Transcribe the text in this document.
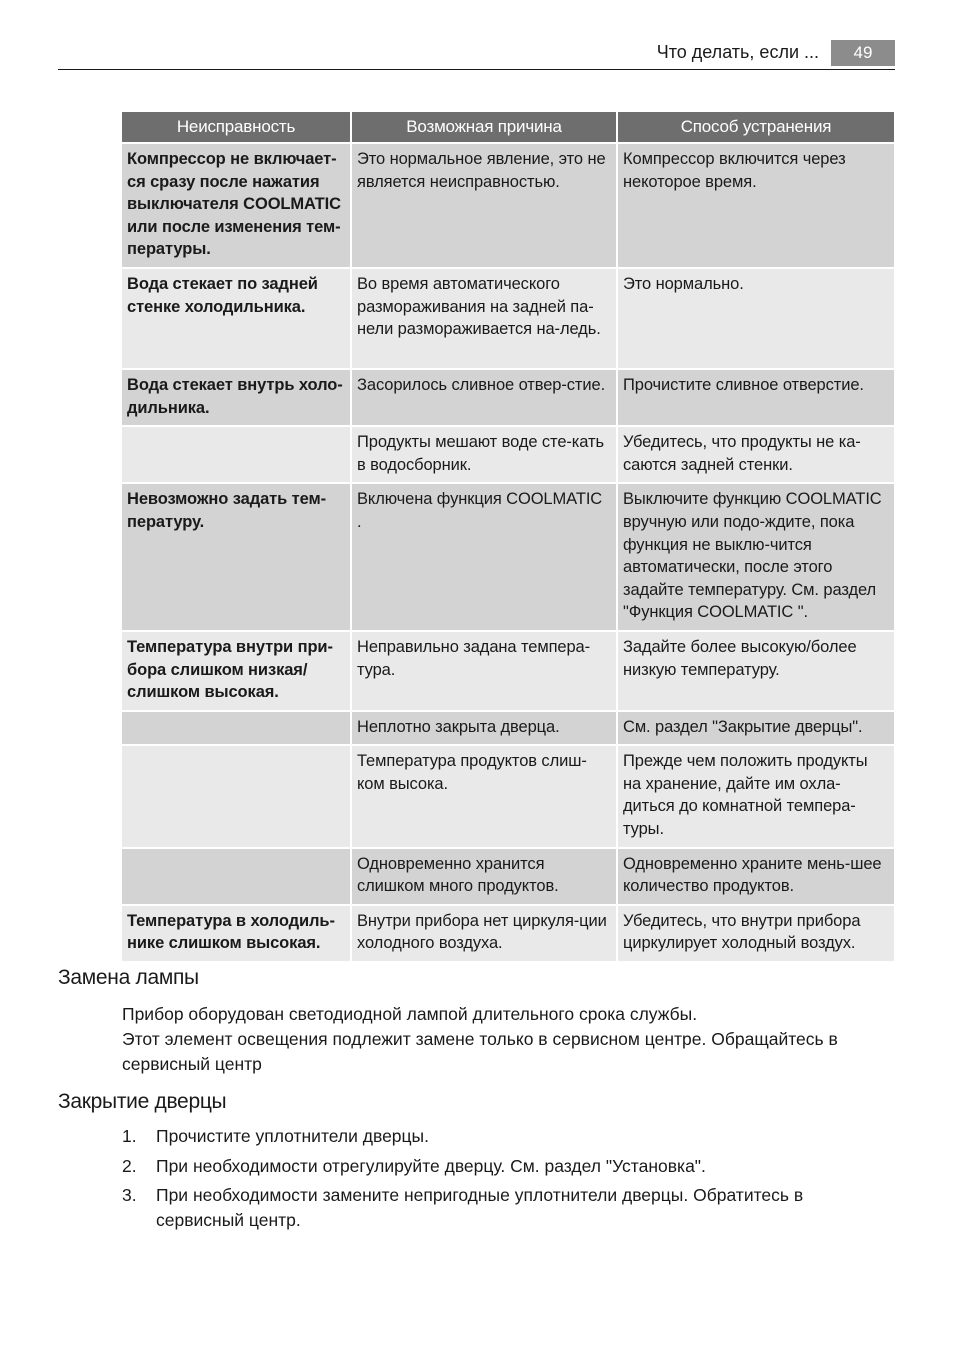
Что делать, если ...	49
Неисправность	Возможная причина	Способ устранения
Компрессор не включает-ся сразу после нажатия выключателя COOLMATIC или после изменения тем-пературы.	Это нормальное явление, это не является неисправностью.	Компрессор включится через некоторое время.
Вода стекает по задней стенке холодильника.	Во время автоматического размораживания на задней па-нели размораживается на-ледь.	Это нормально.
Вода стекает внутрь холо-дильника.	Засорилось сливное отвер-стие.	Прочистите сливное отверстие.
	Продукты мешают воде сте-кать в водосборник.	Убедитесь, что продукты не ка-саются задней стенки.
Невозможно задать тем-пературу.	Включена функция COOLMATIC .	Выключите функцию COOLMATIC вручную или подо-ждите, пока функция не выклю-чится автоматически, после этого задайте температуру. См. раздел "Функция COOLMATIC ".
Температура внутри при-бора слишком низкая/ слишком высокая.	Неправильно задана темпера-тура.	Задайте более высокую/более низкую температуру.
	Неплотно закрыта дверца.	См. раздел "Закрытие дверцы".
	Температура продуктов слиш-ком высока.	Прежде чем положить продукты на хранение, дайте им охла-диться до комнатной темпера-туры.
	Одновременно хранится слишком много продуктов.	Одновременно храните мень-шее количество продуктов.
Температура в холодиль-нике слишком высокая.	Внутри прибора нет циркуля-ции холодного воздуха.	Убедитесь, что внутри прибора циркулирует холодный воздух.
Замена лампы
Прибор оборудован светодиодной лампой длительного срока службы.
Этот элемент освещения подлежит замене только в сервисном центре. Обращайтесь в сервисный центр
Закрытие дверцы
1. Прочистите уплотнители дверцы.
2. При необходимости отрегулируйте дверцу. См. раздел "Установка".
3. При необходимости замените непригодные уплотнители дверцы. Обратитесь в сервисный центр.
